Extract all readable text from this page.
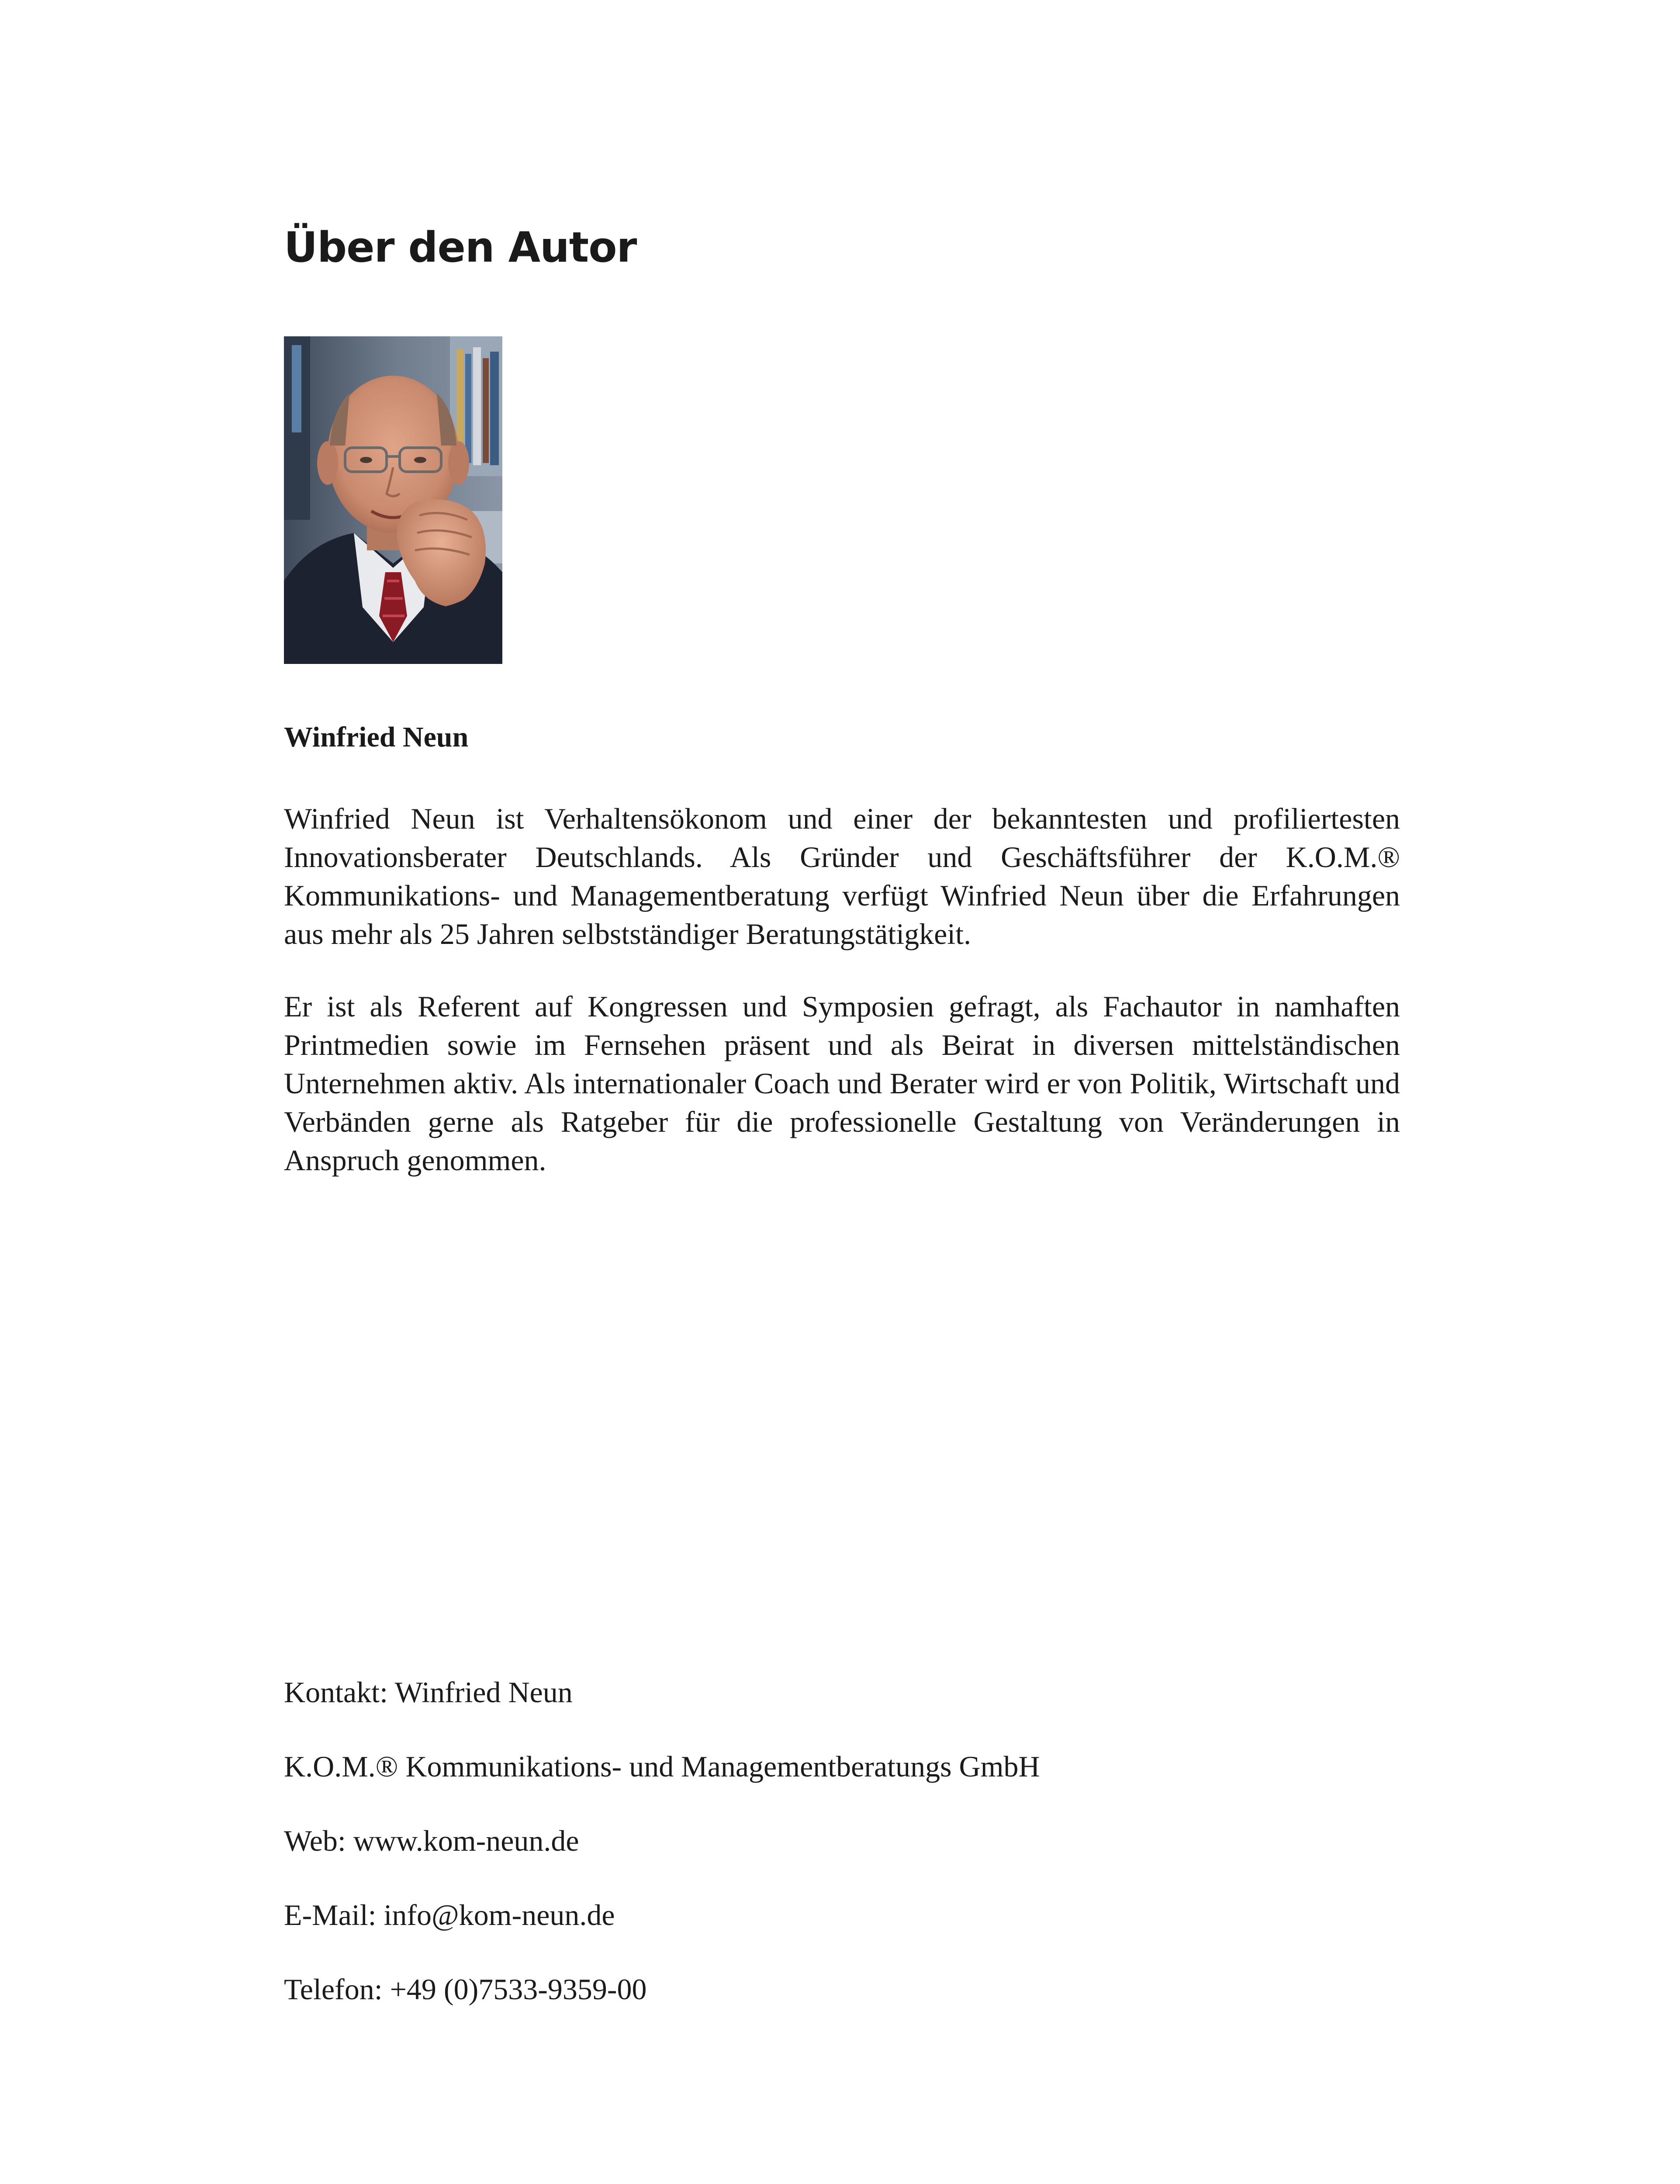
Über den Autor

Winfried Neun

Winfried Neun ist Verhaltensökonom und einer der bekanntesten und profiliertesten Innovationsberater Deutschlands. Als Gründer und Geschäftsführer der K.O.M.® Kommunikations- und Managementberatung verfügt Winfried Neun über die Erfahrungen aus mehr als 25 Jahren selbstständiger Beratungstätigkeit.

Er ist als Referent auf Kongressen und Symposien gefragt, als Fachautor in namhaften Printmedien sowie im Fernsehen präsent und als Beirat in diversen mittelständischen Unternehmen aktiv. Als internationaler Coach und Berater wird er von Politik, Wirtschaft und Verbänden gerne als Ratgeber für die professionelle Gestaltung von Veränderungen in Anspruch genommen.

Kontakt: Winfried Neun

K.O.M.® Kommunikations- und Managementberatungs GmbH

Web: www.kom-neun.de

E-Mail: info@kom-neun.de

Telefon: +49 (0)7533-9359-00
